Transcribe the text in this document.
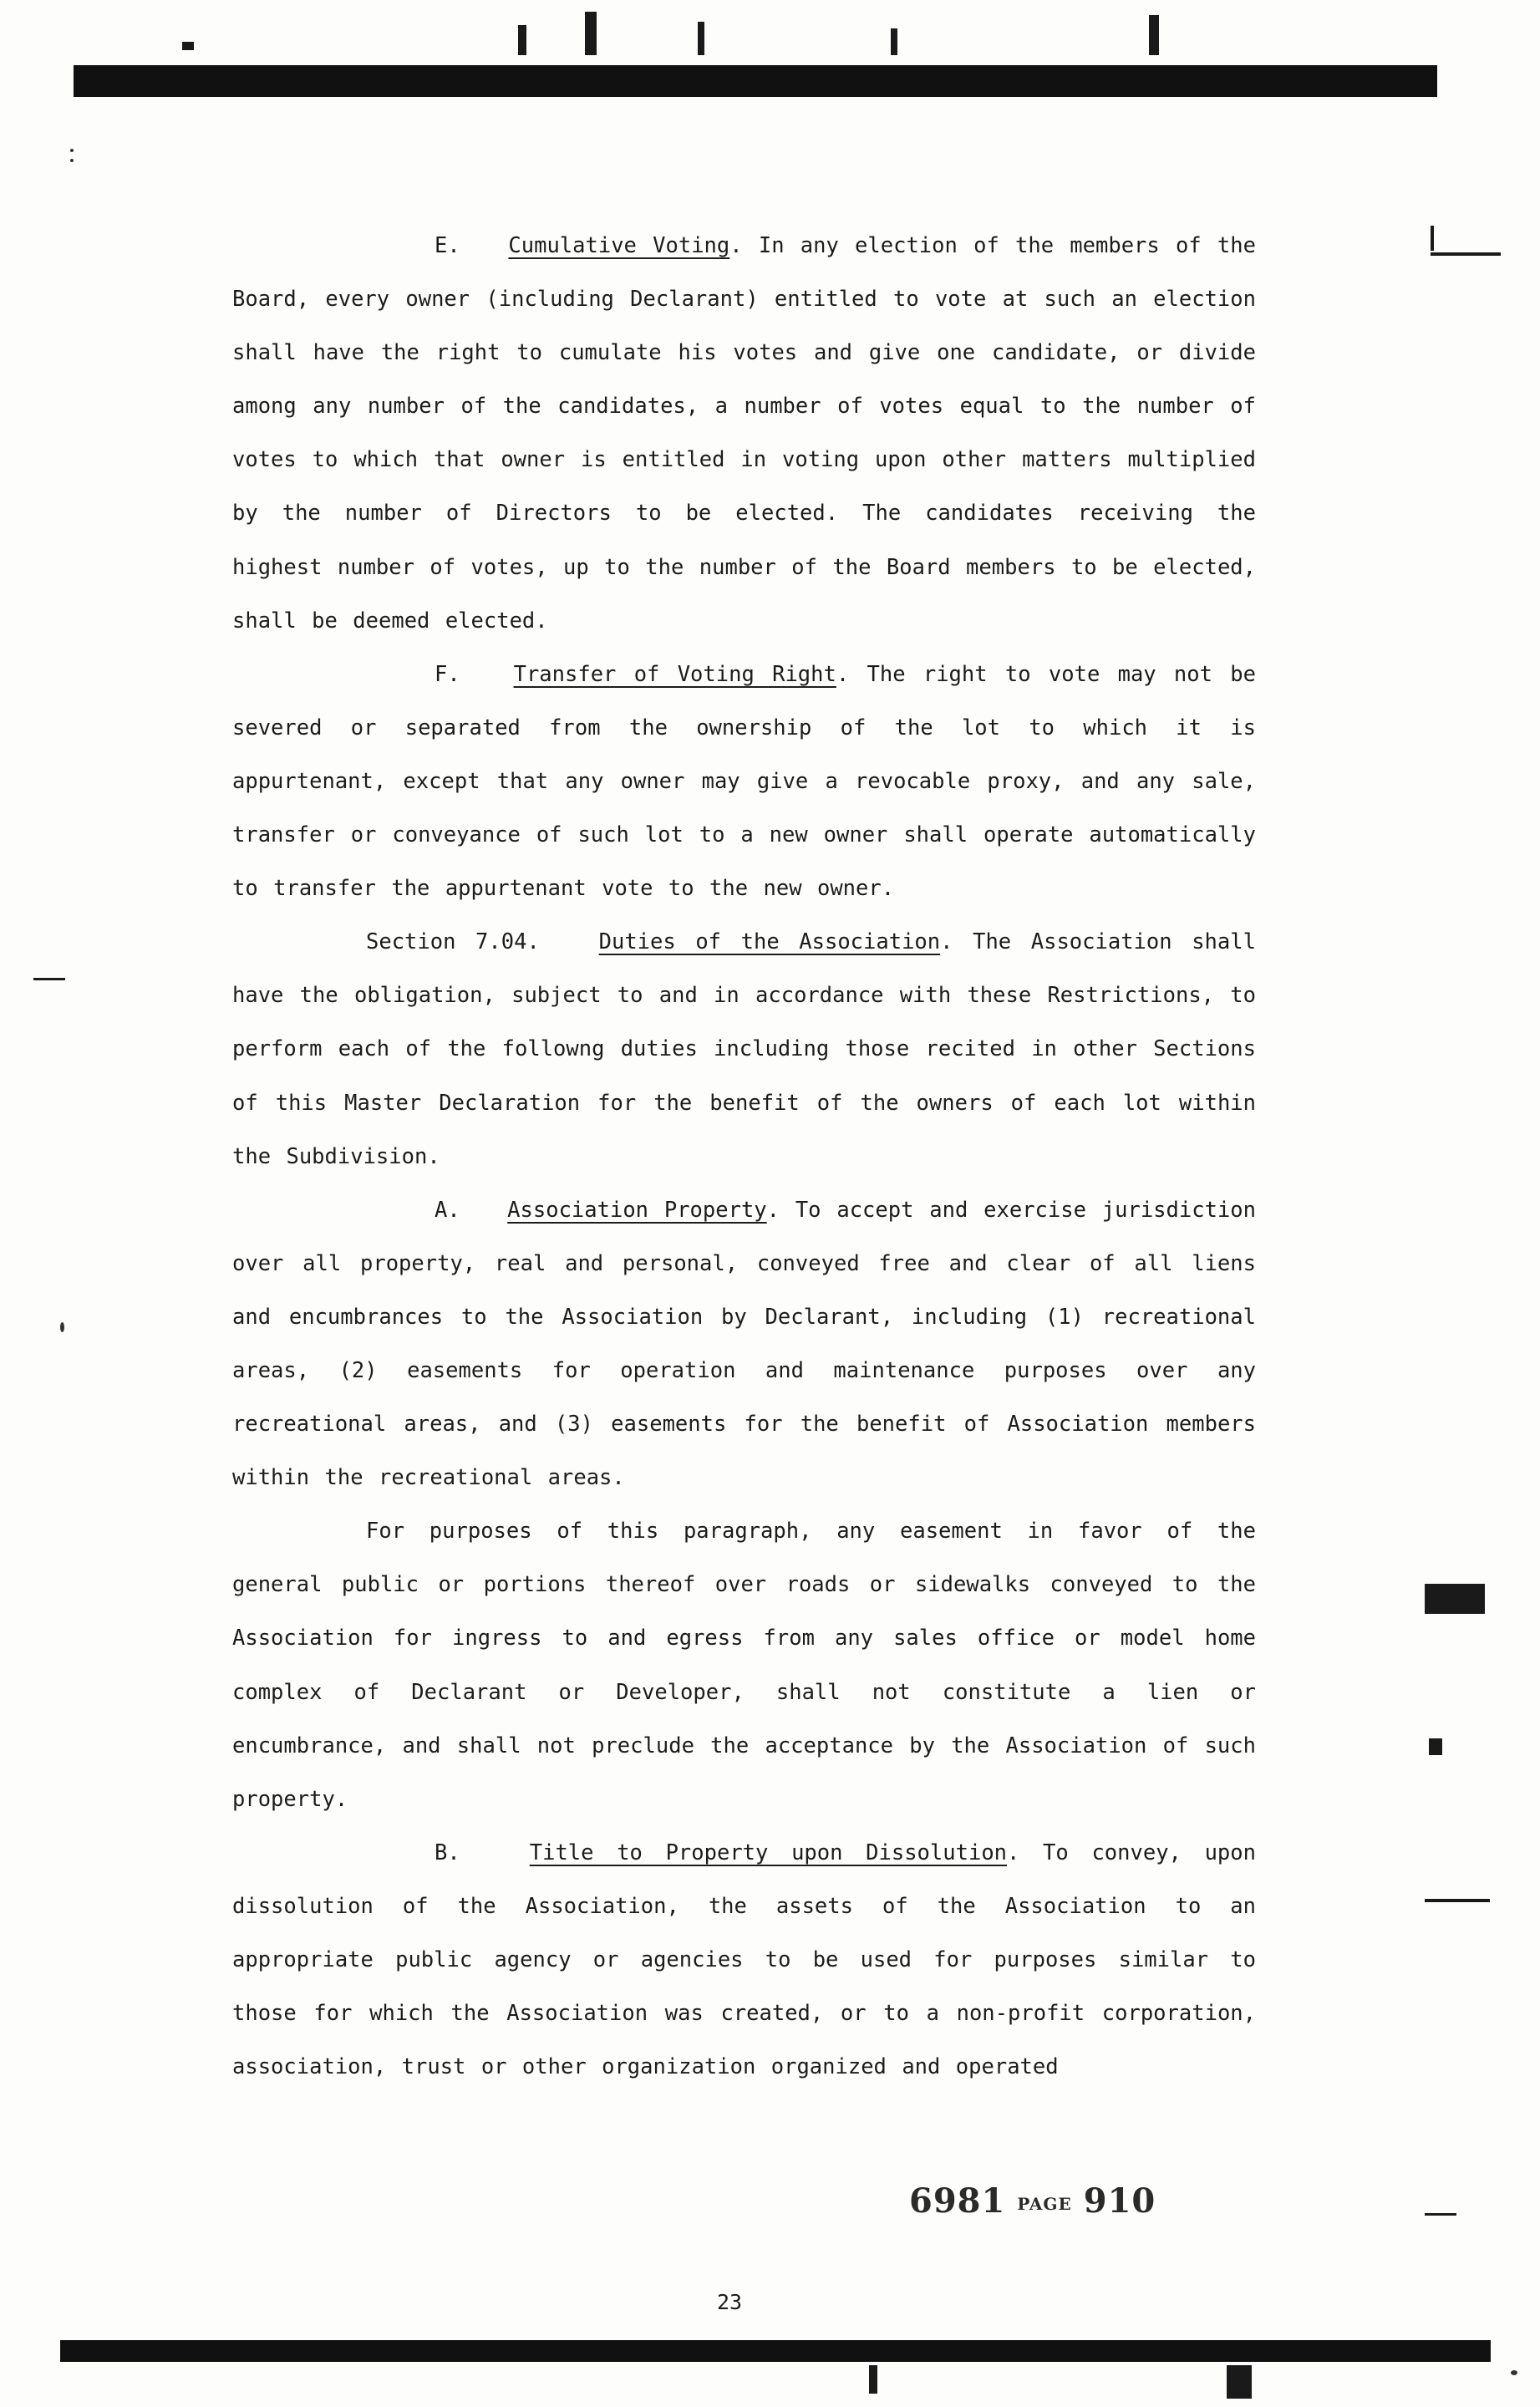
E. Cumulative Voting. In any election of the members of the Board, every owner (including Declarant) entitled to vote at such an election shall have the right to cumulate his votes and give one candidate, or divide among any number of the candidates, a number of votes equal to the number of votes to which that owner is entitled in voting upon other matters multiplied by the number of Directors to be elected. The candidates receiving the highest number of votes, up to the number of the Board members to be elected, shall be deemed elected.

F.	Transfer of Voting Right. The right to vote may not be severed or separated from the ownership of the lot to which it is appurtenant, except that any owner may give a revocable proxy, and any sale, transfer or conveyance of such lot to a new owner shall operate automatically to transfer the appurtenant vote to the new owner.

Section 7.04.	Duties of the Association. The Association shall have the obligation, subject to and in accordance with these Restrictions, to perform each of the followng duties including those recited in other Sections of this Master Declaration for the benefit of the owners of each lot within the Subdivision.

A. Association Property. To accept and exercise jurisdiction over all property, real and personal, conveyed free and clear of all liens and encumbrances to the Association by Declarant, including (1) recreational areas, (2) easements for operation and maintenance purposes over any recreational areas, and (3) easements for the benefit of Association members within the recreational areas.

For purposes of this paragraph, any easement in favor of the general public or portions thereof over roads or sidewalks conveyed to the Association for ingress to and egress from any sales office or model home complex of Declarant or Developer, shall not constitute a lien or encumbrance, and shall not preclude the acceptance by the Association of such property.

B.	Title to Property upon Dissolution. To convey, upon dissolution of the Association, the assets of the Association to an appropriate public agency or agencies to be used for purposes similar to those for which the Association was created, or to a non-profit corporation, association, trust or other organization organized and operated

6981 PAGE 910
23
